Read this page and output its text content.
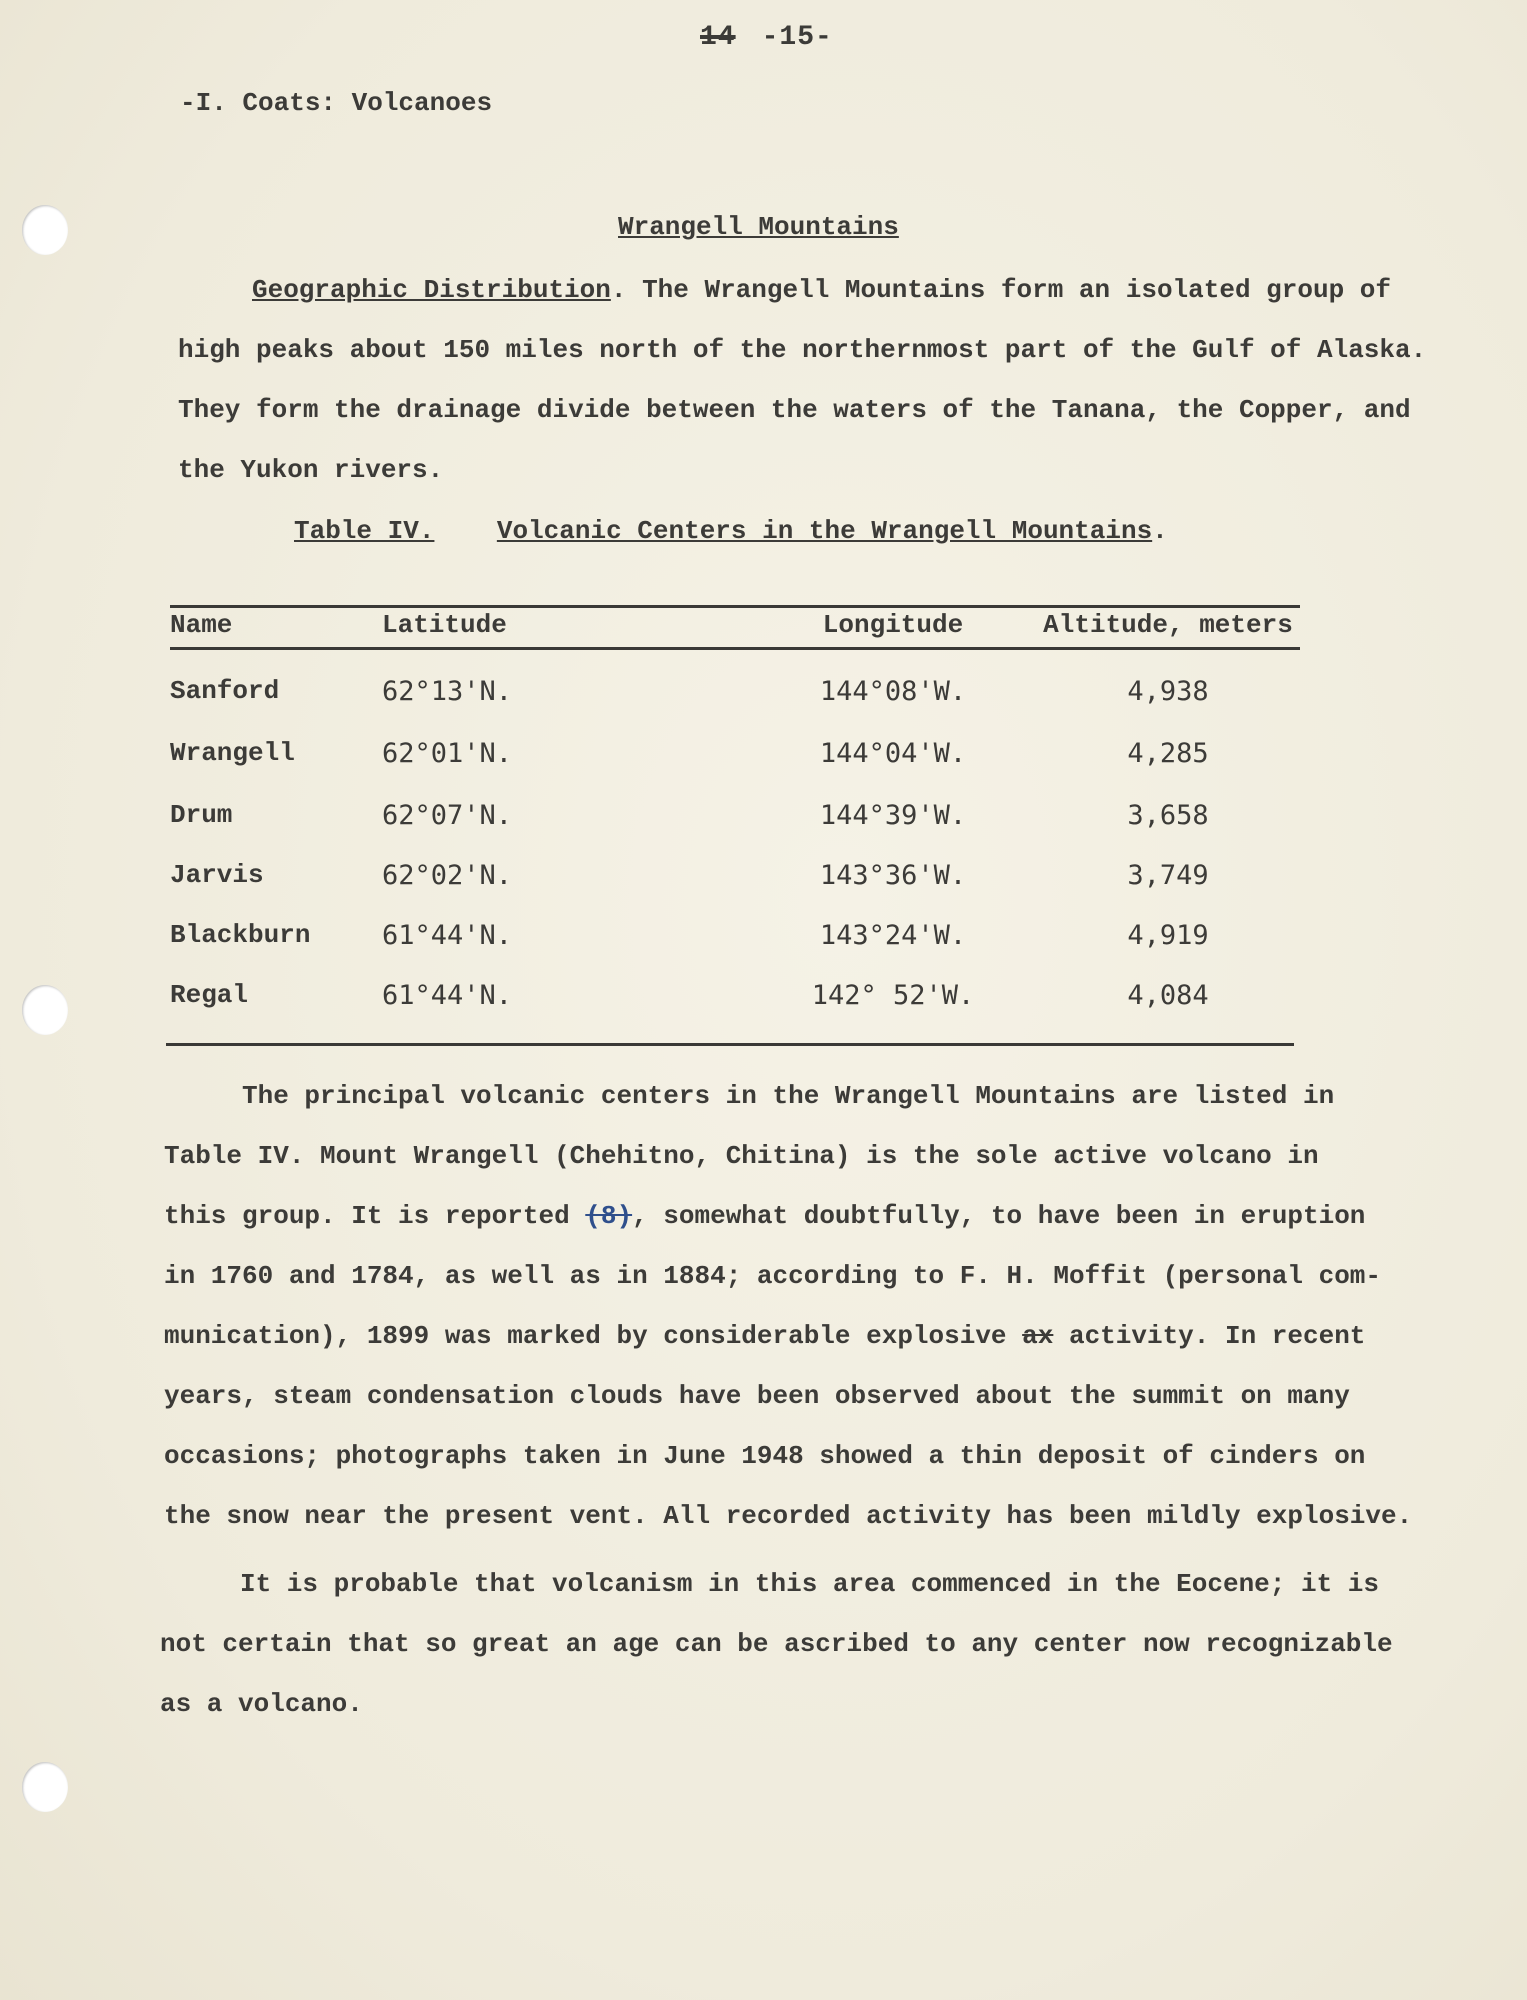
14 -15-
-I. Coats: Volcanoes
Wrangell Mountains
Geographic Distribution. The Wrangell Mountains form an isolated group of
high peaks about 150 miles north of the northernmost part of the Gulf of Alaska.
They form the drainage divide between the waters of the Tanana, the Copper, and
the Yukon rivers.
Table IV. Volcanic Centers in the Wrangell Mountains.
Name	Latitude	Longitude	Altitude, meters
Sanford	62°13'N.	144°08'W.	4,938
Wrangell	62°01'N.	144°04'W.	4,285
Drum	62°07'N.	144°39'W.	3,658
Jarvis	62°02'N.	143°36'W.	3,749
Blackburn	61°44'N.	143°24'W.	4,919
Regal	61°44'N.	142° 52'W.	4,084
The principal volcanic centers in the Wrangell Mountains are listed in
Table IV. Mount Wrangell (Chehitno, Chitina) is the sole active volcano in
this group. It is reported (8), somewhat doubtfully, to have been in eruption
in 1760 and 1784, as well as in 1884; according to F. H. Moffit (personal com-
munication), 1899 was marked by considerable explosive ax activity. In recent
years, steam condensation clouds have been observed about the summit on many
occasions; photographs taken in June 1948 showed a thin deposit of cinders on
the snow near the present vent. All recorded activity has been mildly explosive.
It is probable that volcanism in this area commenced in the Eocene; it is
not certain that so great an age can be ascribed to any center now recognizable
as a volcano.
